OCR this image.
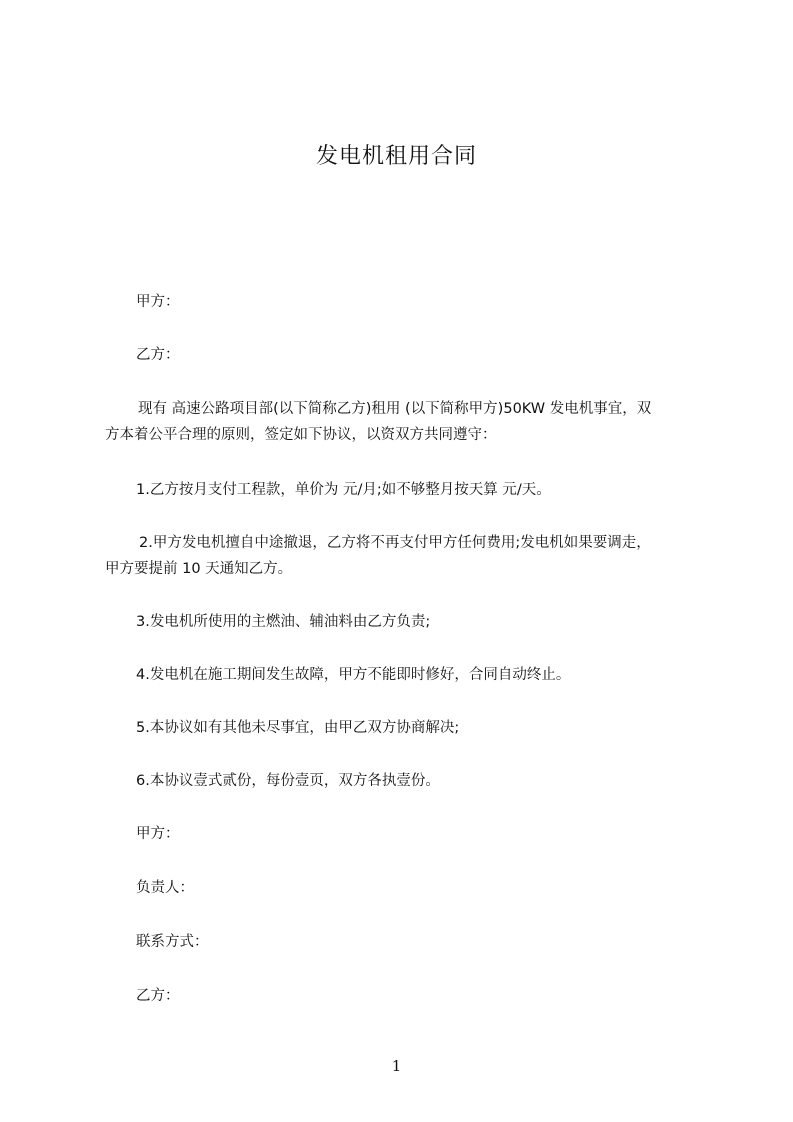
发电机租用合同
甲方：
乙方：
现有 高速公路项目部(以下简称乙方)租用 (以下简称甲方)50KW 发电机事宜，双
方本着公平合理的原则，签定如下协议，以资双方共同遵守：
1.乙方按月支付工程款，单价为 元/月;如不够整月按天算 元/天。
2.甲方发电机擅自中途撤退，乙方将不再支付甲方任何费用;发电机如果要调走，
甲方要提前 10 天通知乙方。
3.发电机所使用的主燃油、辅油料由乙方负责;
4.发电机在施工期间发生故障，甲方不能即时修好，合同自动终止。
5.本协议如有其他未尽事宜，由甲乙双方协商解决;
6.本协议壹式贰份，每份壹页，双方各执壹份。
甲方：
负责人：
联系方式：
乙方：
1
